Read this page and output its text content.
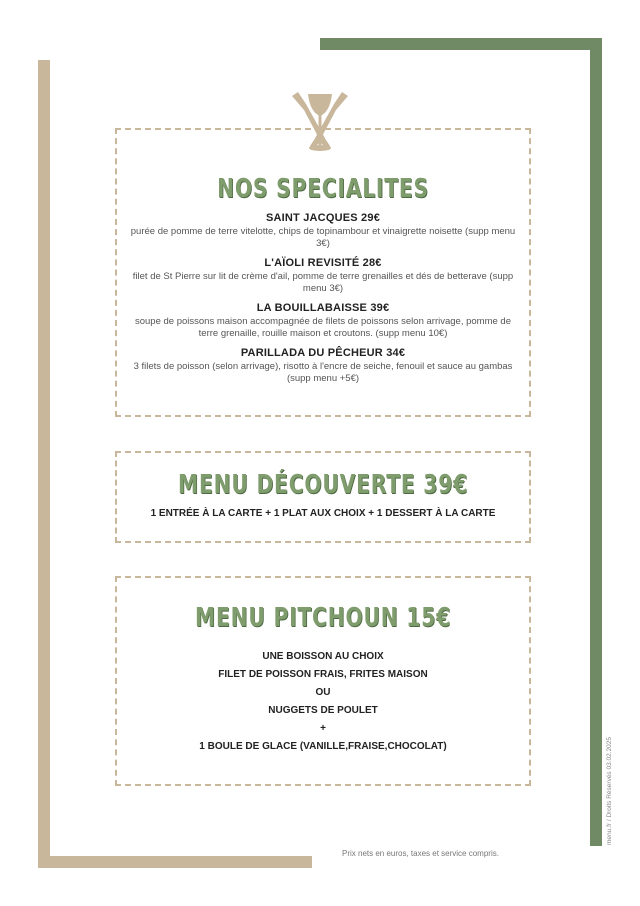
NOS SPECIALITES
SAINT JACQUES 29€
purée de pomme de terre vitelotte, chips de topinambour et vinaigrette noisette (supp menu 3€)
L'AÏOLI REVISITÉ 28€
filet de St Pierre sur lit de crème d'ail, pomme de terre grenailles et dés de betterave (supp menu 3€)
LA BOUILLABAISSE 39€
soupe de poissons maison accompagnée de filets de poissons selon arrivage, pomme de terre grenaille, rouille maison et croutons. (supp menu 10€)
PARILLADA DU PÊCHEUR 34€
3 filets de poisson (selon arrivage), risotto à l'encre de seiche, fenouil et sauce au gambas (supp menu +5€)
MENU DÉCOUVERTE 39€
1 ENTRÉE À LA CARTE + 1 PLAT AUX CHOIX + 1 DESSERT À LA CARTE
MENU PITCHOUN 15€
UNE BOISSON AU CHOIX
FILET DE POISSON FRAIS, FRITES MAISON
OU
NUGGETS DE POULET
+
1 BOULE DE GLACE (VANILLE,FRAISE,CHOCOLAT)	menu.fr / Droits Réservés 03.02.2025
Prix nets en euros, taxes et service compris.
